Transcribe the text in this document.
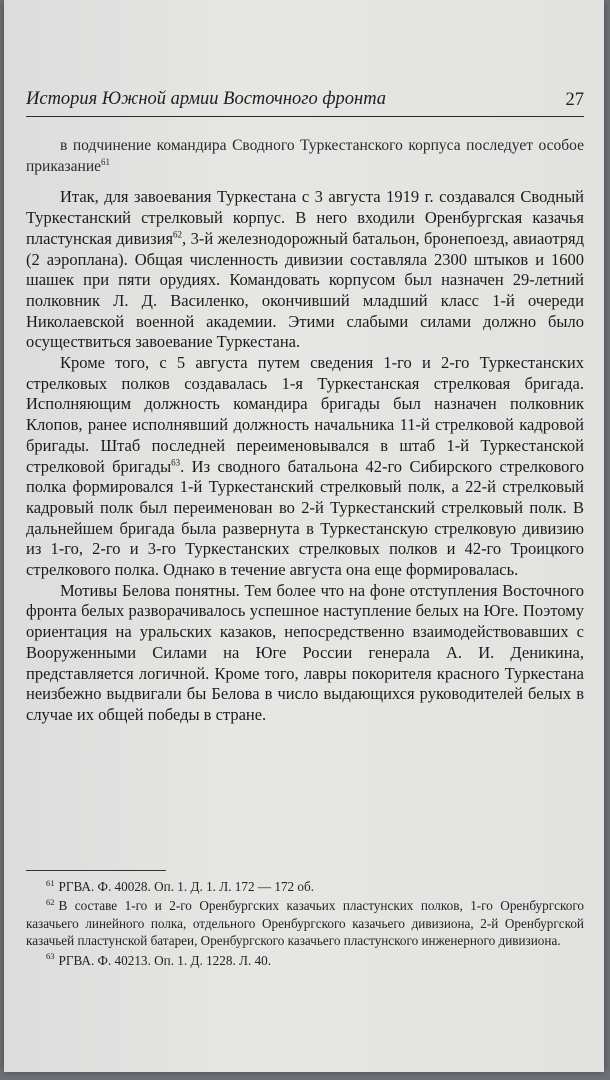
История Южной армии Восточного фронта	27

в подчинение командира Сводного Туркестанского корпуса последует особое приказание$^{61}$

Итак, для завоевания Туркестана с 3 августа 1919 г. создавался Сводный Туркестанский стрелковый корпус. В него входили Оренбургская казачья пластунская дивизия$^{62}$, 3-й железнодорожный батальон, бронепоезд, авиаотряд (2 аэроплана). Общая численность дивизии составляла 2300 штыков и 1600 шашек при пяти орудиях. Командовать корпусом был назначен 29-летний полковник Л. Д. Василенко, окончивший младший класс 1-й очереди Николаевской военной академии. Этими слабыми силами должно было осуществиться завоевание Туркестана.

Кроме того, с 5 августа путем сведения 1-го и 2-го Туркестанских стрелковых полков создавалась 1-я Туркестанская стрелковая бригада. Исполняющим должность командира бригады был назначен полковник Клопов, ранее исполнявший должность начальника 11-й стрелковой кадровой бригады. Штаб последней переименовывался в штаб 1-й Туркестанской стрелковой бригады$^{63}$. Из сводного батальона 42-го Сибирского стрелкового полка формировался 1-й Туркестанский стрелковый полк, а 22-й стрелковый кадровый полк был переименован во 2-й Туркестанский стрелковый полк. В дальнейшем бригада была развернута в Туркестанскую стрелковую дивизию из 1-го, 2-го и 3-го Туркестанских стрелковых полков и 42-го Троицкого стрелкового полка. Однако в течение августа она еще формировалась.

Мотивы Белова понятны. Тем более что на фоне отступления Восточного фронта белых разворачивалось успешное наступление белых на Юге. Поэтому ориентация на уральских казаков, непосредственно взаимодействовавших с Вооруженными Силами на Юге России генерала А. И. Деникина, представляется логичной. Кроме того, лавры покорителя красного Туркестана неизбежно выдвигали бы Белова в число выдающихся руководителей белых в случае их общей победы в стране.

$^{61}$ РГВА. Ф. 40028. Оп. 1. Д. 1. Л. 172 — 172 об.

$^{62}$ В составе 1-го и 2-го Оренбургских казачьих пластунских полков, 1-го Оренбургского казачьего линейного полка, отдельного Оренбургского казачьего дивизиона, 2-й Оренбургской казачьей пластунской батареи, Оренбургского казачьего пластунского инженерного дивизиона.

$^{63}$ РГВА. Ф. 40213. Оп. 1. Д. 1228. Л. 40.
